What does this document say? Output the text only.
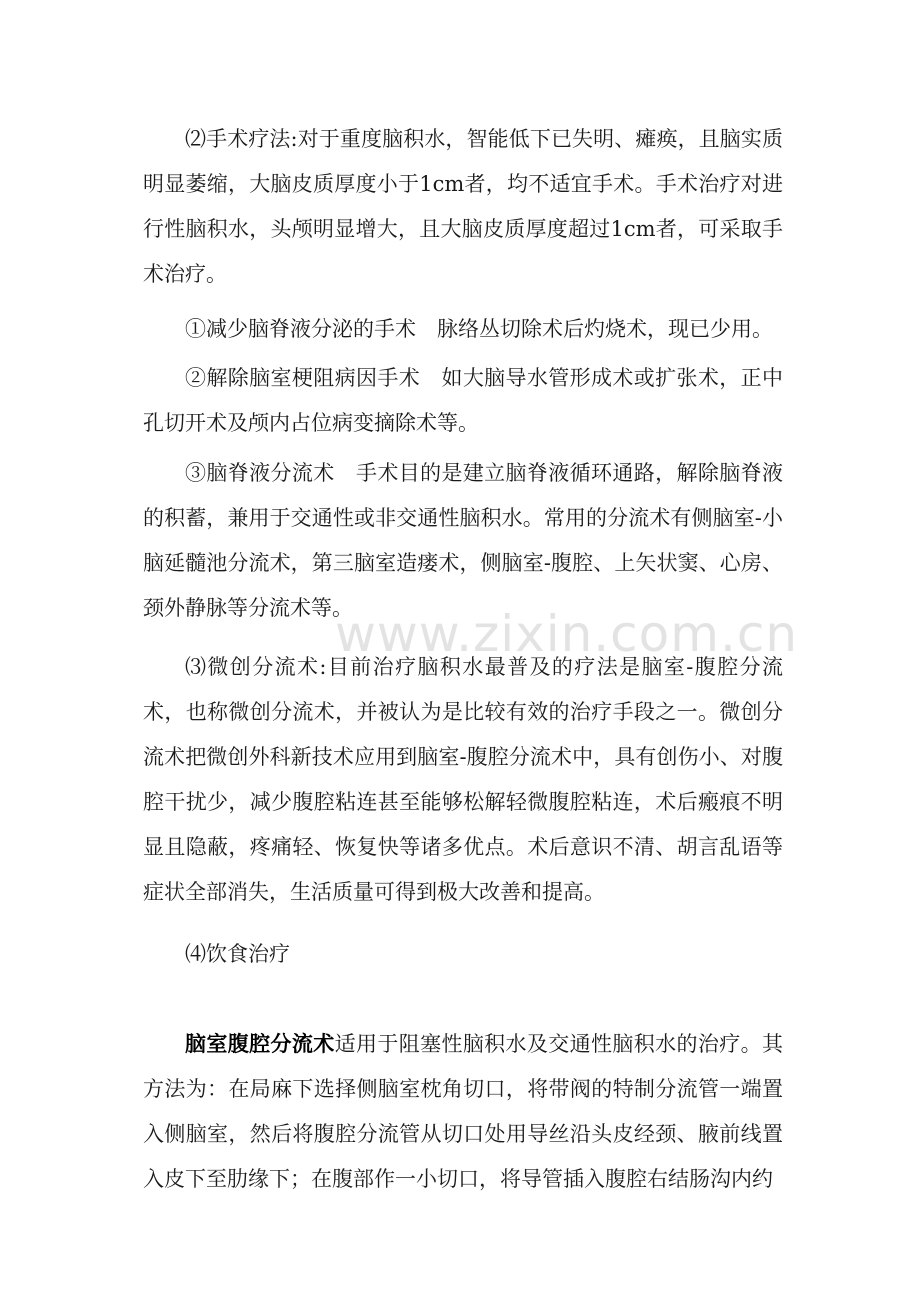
www.zixin.com.cn

⑵手术疗法:对于重度脑积水，智能低下已失明、瘫痪，且脑实质明显萎缩，大脑皮质厚度小于1cm者，均不适宜手术。手术治疗对进行性脑积水，头颅明显增大，且大脑皮质厚度超过1cm者，可采取手术治疗。

①减少脑脊液分泌的手术　脉络丛切除术后灼烧术，现已少用。

②解除脑室梗阻病因手术　如大脑导水管形成术或扩张术，正中孔切开术及颅内占位病变摘除术等。

③脑脊液分流术　手术目的是建立脑脊液循环通路，解除脑脊液的积蓄，兼用于交通性或非交通性脑积水。常用的分流术有侧脑室-小脑延髓池分流术，第三脑室造瘘术，侧脑室-腹腔、上矢状窦、心房、颈外静脉等分流术等。

⑶微创分流术:目前治疗脑积水最普及的疗法是脑室-腹腔分流术，也称微创分流术，并被认为是比较有效的治疗手段之一。微创分流术把微创外科新技术应用到脑室-腹腔分流术中，具有创伤小、对腹腔干扰少，减少腹腔粘连甚至能够松解轻微腹腔粘连，术后瘢痕不明显且隐蔽，疼痛轻、恢复快等诸多优点。术后意识不清、胡言乱语等症状全部消失，生活质量可得到极大改善和提高。

⑷饮食治疗

脑室腹腔分流术适用于阻塞性脑积水及交通性脑积水的治疗。其方法为：在局麻下选择侧脑室枕角切口，将带阀的特制分流管一端置入侧脑室，然后将腹腔分流管从切口处用导丝沿头皮经颈、腋前线置入皮下至肋缘下；在腹部作一小切口，将导管插入腹腔右结肠沟内约
